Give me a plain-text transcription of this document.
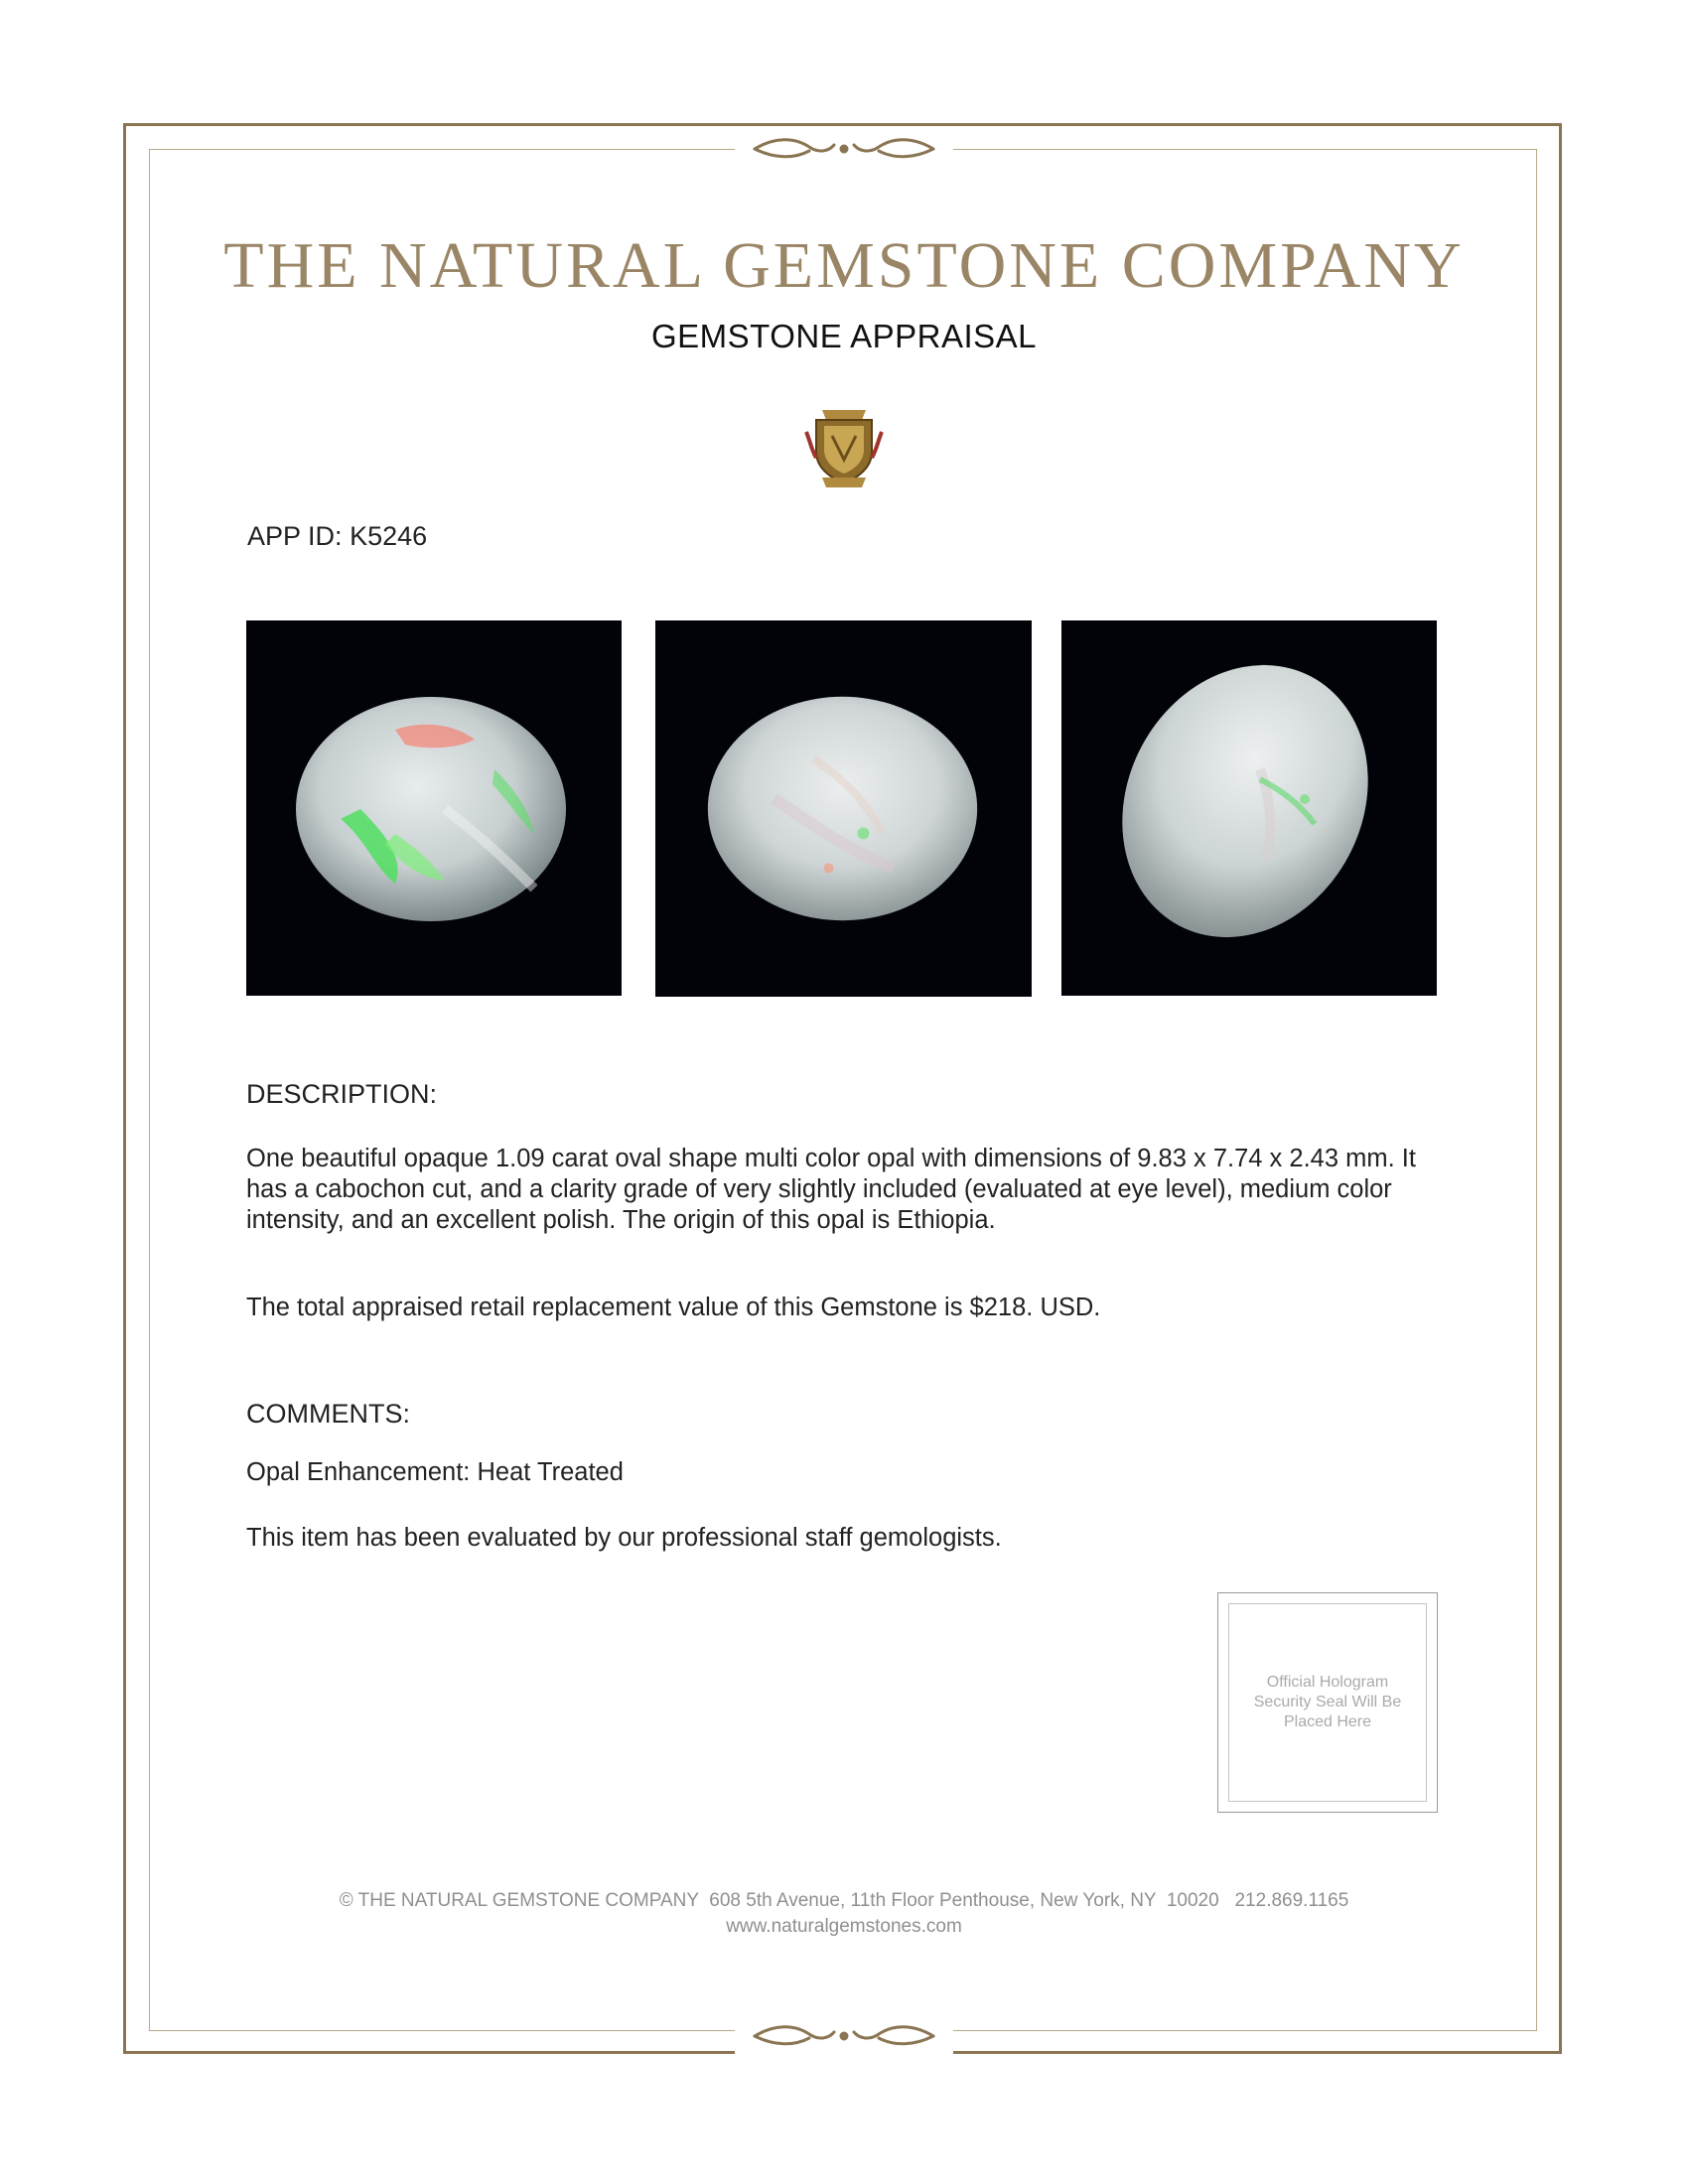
THE NATURAL GEMSTONE COMPANY
GEMSTONE APPRAISAL
APP ID: K5246
DESCRIPTION:

One beautiful opaque 1.09 carat oval shape multi color opal with dimensions of 9.83 x 7.74 x 2.43 mm. It has a cabochon cut, and a clarity grade of very slightly included (evaluated at eye level), medium color intensity, and an excellent polish. The origin of this opal is Ethiopia.

The total appraised retail replacement value of this Gemstone is $218. USD.

COMMENTS:

Opal Enhancement: Heat Treated

This item has been evaluated by our professional staff gemologists.

Official Hologram Security Seal Will Be Placed Here
© THE NATURAL GEMSTONE COMPANY  608 5th Avenue, 11th Floor Penthouse, New York, NY  10020   212.869.1165
www.naturalgemstones.com
